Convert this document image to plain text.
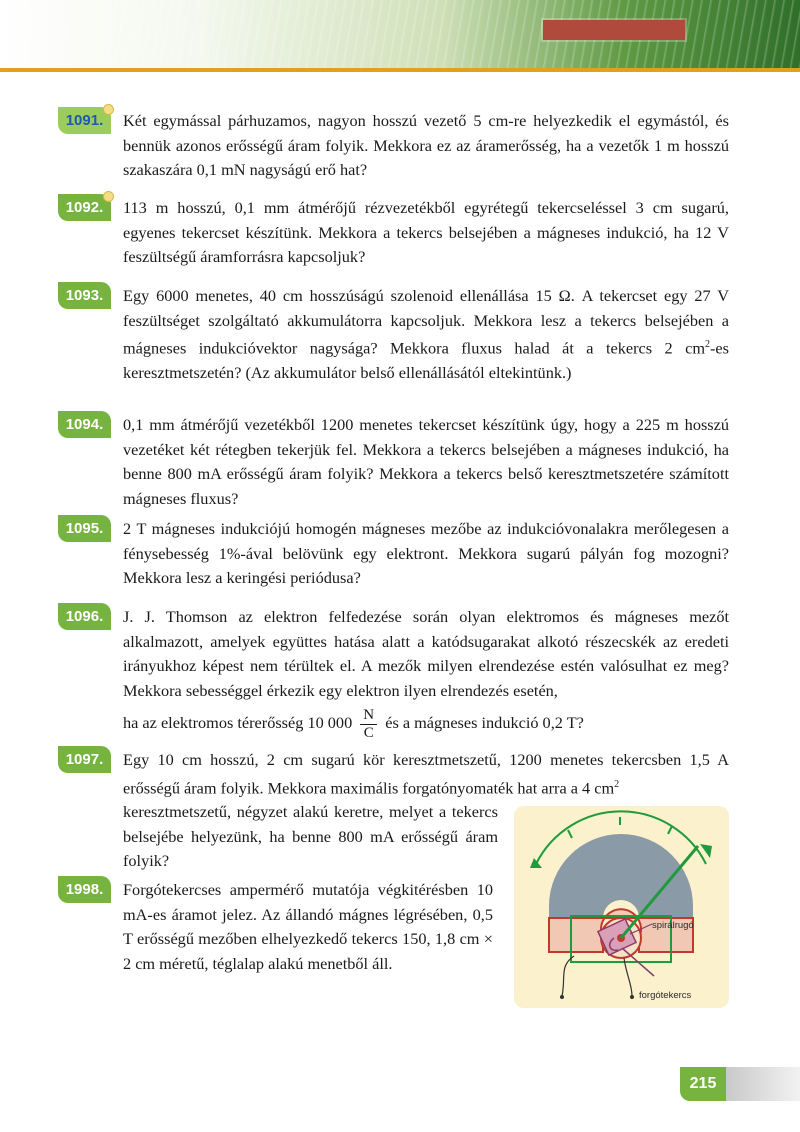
1091.	Két egymással párhuzamos, nagyon hosszú vezető 5 cm-re helyezkedik el egymástól, és bennük azonos erősségű áram folyik. Mekkora ez az áramerősség, ha a vezetők 1 m hosszú szakaszára 0,1 mN nagyságú erő hat?

1092.	113 m hosszú, 0,1 mm átmérőjű rézvezetékből egyrétegű tekercseléssel 3 cm sugarú, egyenes tekercset készítünk. Mekkora a tekercs belsejében a mágneses indukció, ha 12 V feszültségű áramforrásra kapcsoljuk?

1093.	Egy 6000 menetes, 40 cm hosszúságú szolenoid ellenállása 15 Ω. A tekercset egy 27 V feszültséget szolgáltató akkumulátorra kapcsoljuk. Mekkora lesz a tekercs belsejében a mágneses indukcióvektor nagysága? Mekkora fluxus halad át a tekercs 2 $cm^2-es$ keresztmetszetén? (Az akkumulátor belső ellenállásától eltekintünk.)

1094.	0,1 mm átmérőjű vezetékből 1200 menetes tekercset készítünk úgy, hogy a 225 m hosszú vezetéket két rétegben tekerjük fel. Mekkora a tekercs belsejében a mágneses indukció, ha benne 800 mA erősségű áram folyik? Mekkora a tekercs belső keresztmetszetére számított mágneses fluxus?

1095.	2 T mágneses indukciójú homogén mágneses mezőbe az indukcióvonalakra merőlegesen a fénysebesség 1%-ával belövünk egy elektront. Mekkora sugarú pályán fog mozogni? Mekkora lesz a keringési periódusa?

1096.	J. J. Thomson az elektron felfedezése során olyan elektromos és mágneses mezőt alkalmazott, amelyek együttes hatása alatt a katódsugarakat alkotó részecskék az eredeti irányukhoz képest nem térültek el. A mezők milyen elrendezése estén valósulhat ez meg? Mekkora sebességgel érkezik egy elektron ilyen elrendezés esetén,

ha az elektromos térerősség 10 $000 \frac{N}{C}$ és a mágneses indukció 0,2 T?

1097.	Egy 10 cm hosszú, 2 cm sugarú kör keresztmetszetű, 1200 menetes tekercsben 1,5 A erősségű áram folyik. Mekkora maximális forgatónyomaték hat arra a 4 $cm^2$
keresztmetszetű, négyzet alakú keretre, melyet a tekercs belsejébe helyezünk, ha benne 800 mA erősségű áram folyik?

1998.	Forgótekercses ampermérő mutatója végkitérésben 10 mA-es áramot jelez. Az állandó mágnes légrésében, 0,5 T erősségű mezőben elhelyezkedő tekercs 150, 1,8 cm × 2 cm méretű, téglalap alakú menetből áll.

spirálrugó
forgótekercs
215
